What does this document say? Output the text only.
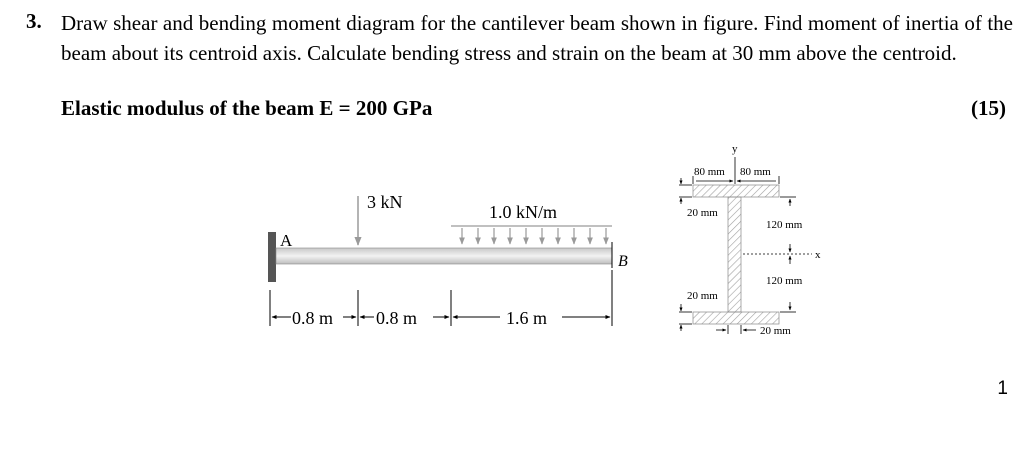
3. Draw shear and bending moment diagram for the cantilever beam shown in figure. Find moment of inertia of the beam about its centroid axis. Calculate bending stress and strain on the beam at 30 mm above the centroid.
Elastic modulus of the beam E = 200 GPa	(15)
A
B
3 kN	1.0 kN/m
0.8 m 0.8 m	1.6 m
y
80 mm 80 mm
20 mm
20 mm
120 mm
120 mm
x
20 mm
1
